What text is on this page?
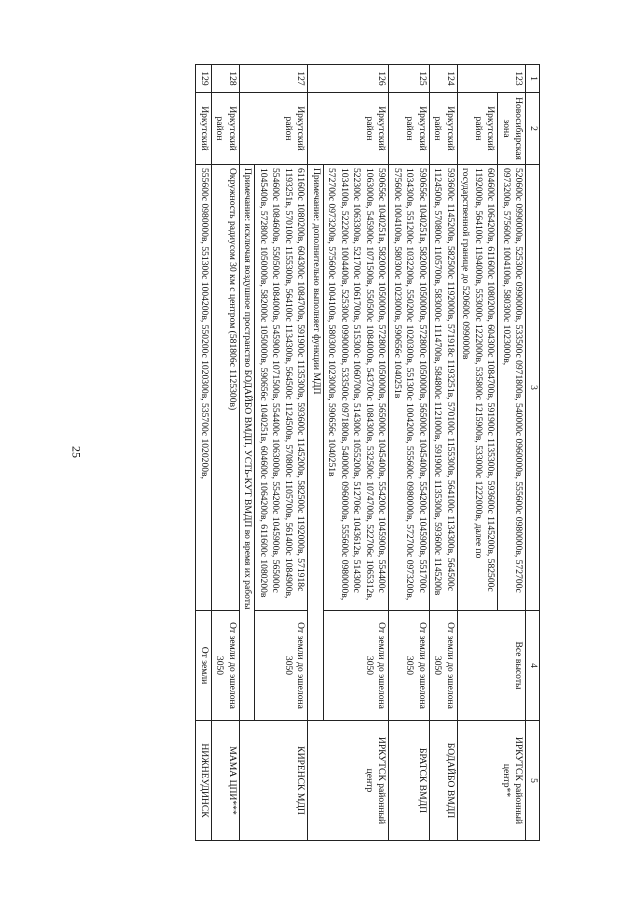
25
1	2	3	4	5
123	Новосибирская зона	520600с 0990000в, 525300с 0990000в, 533500с 0971800в, 540000с 0960000в, 555600с 0980000в, 572700с 0973200в, 575600с 1004100в, 580300с 1023000в,	Все высоты	ИРКУТСК районный центр**
	Иркутский район	604600с 1064200в, 611600с 1080200в, 604300с 1084700в, 591900с 1135300в, 593600с 1145200в, 582500с 1192000в, 564100с 1194000в, 553000с 1222000в, 535800с 1215900в, 533000с 1222000в, далее по государственной границе до 520600с 0990000в		
124	Иркутский район	593600с 1145200в, 582500с 1192000в, 571918с 1193251в, 570100с 1155300в, 564100с 1134300в, 564500с 1124500в, 570800с 1105700в, 583000с 1114700в, 584800с 1121000в, 591900с 1135300в, 593600с 1145200в	От земли до эшелона 3050	БОДАЙБО ВМДП
125	Иркутский район	590656с 1040251в, 582000с 1050000в, 572800с 1050000в, 565000с 1045400в, 554200с 1045900в, 551700с 1034300в, 551200с 1032200в, 550200с 1020300в, 551300с 1004200в, 555600с 0980000в, 572700с 0973200в, 575600с 1004100в, 580300с 1023000в, 590656с 1040251в	От земли до эшелона 3050	БРАТСК ВМДП
126	Иркутский район	590656с 1040251в, 582000с 1050000в, 572800с 1050000в, 565000с 1045400в, 554200с 1045900в, 554400с 1063000в, 545900с 1071500в, 550500с 1084000в, 543700с 1084300в, 532500с 1074700в, 522706с 1065312в, 522300с 1063300в, 521700с 1061700в, 515300с 1060700в, 514300с 1055200в, 512706с 1043612в, 514300с 1034100в, 522200с 1004400в, 525300с 0990000в, 533500с 0971800в, 540000с 0960000в, 555600с 0980000в, 572700с 0973200в, 575600с 1004100в, 580300с 1023000в, 590656с 1040251в	От земли до эшелона 3050	ИРКУТСК районный центр
		Примечание: дополнительно выполняет функции МДП		
127	Иркутский район	611600с 1080200в, 604300с 1084700в, 591900с 1135300в, 593600с 1145200в, 582500с 1192000в, 571918с 1193251в, 570100с 1155300в, 564100с 1134300в, 564500с 1124500в, 570800с 1105700в, 561400с 1084900в, 554600с 1084600в, 550500с 1084000в, 545900с 1071500в, 554400с 1063000в, 554200с 1045900в, 565000с 1045400в, 572800с 1050000в, 582000с 1050000в, 590656с 1040251в, 604600с 1064200в, 611600с 1080200в	От земли до эшелона 3050	КИРЕНСК МДП
		Примечание: исключая воздушное пространство БОДАЙБО ВМДП, УСТЬ-КУТ ВМДП во время их работы		
128	Иркутский район	Окружность радиусом 30 км с центром (581806с 1125300в)	От земли до эшелона 3050	МАМА ЦПИ***
129	Иркутский	555600с 0980000в, 551300с 1004200в, 550200с 1020300в, 535700с 1020200в,	От земли	НИЖНЕУДИНСК
